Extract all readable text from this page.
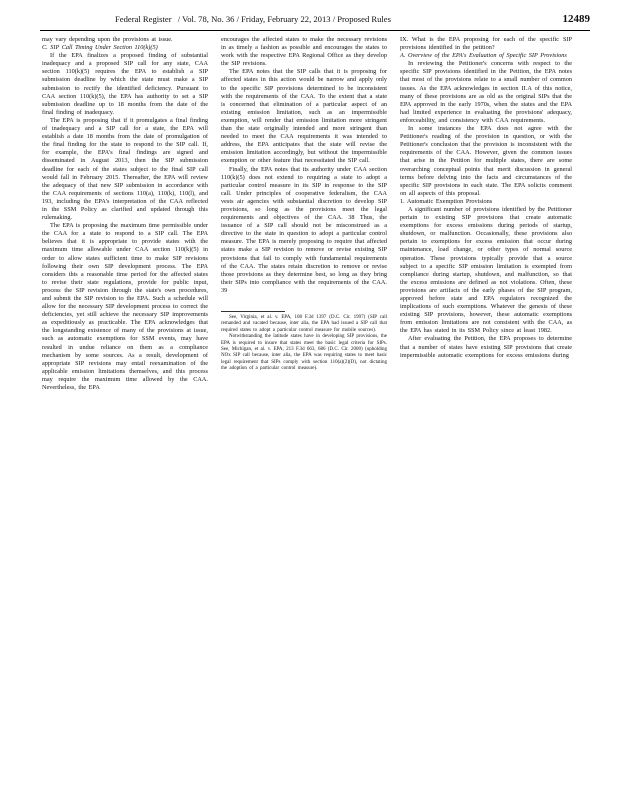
Federal Register / Vol. 78, No. 36 / Friday, February 22, 2013 / Proposed Rules	12489

may vary depending upon the provisions at issue.

C. SIP Call Timing Under Section 110(k)(5)

If the EPA finalizes a proposed finding of substantial inadequacy and a proposed SIP call for any state, CAA section 110(k)(5) requires the EPA to establish a SIP submission deadline by which the state must make a SIP submission to rectify the identified deficiency. Pursuant to CAA section 110(k)(5), the EPA has authority to set a SIP submission deadline up to 18 months from the date of the final finding of inadequacy.

The EPA is proposing that if it promulgates a final finding of inadequacy and a SIP call for a state, the EPA will establish a date 18 months from the date of promulgation of the final finding for the state to respond to the SIP call. If, for example, the EPA's final findings are signed and disseminated in August 2013, then the SIP submission deadline for each of the states subject to the final SIP call would fall in February 2015. Thereafter, the EPA will review the adequacy of that new SIP submission in accordance with the CAA requirements of sections 110(a), 110(k), 110(l), and 193, including the EPA's interpretation of the CAA reflected in the SSM Policy as clarified and updated through this rulemaking.

The EPA is proposing the maximum time permissible under the CAA for a state to respond to a SIP call. The EPA believes that it is appropriate to provide states with the maximum time allowable under CAA section 110(k)(5) in order to allow states sufficient time to make SIP revisions following their own SIP development process. The EPA considers this a reasonable time period for the affected states to revise their state regulations, provide for public input, process the SIP revision through the state's own procedures, and submit the SIP revision to the EPA. Such a schedule will allow for the necessary SIP development process to correct the deficiencies, yet still achieve the necessary SIP improvements as expeditiously as practicable. The EPA acknowledges that the longstanding existence of many of the provisions at issue, such as automatic exemptions for SSM events, may have resulted in undue reliance on them as a compliance mechanism by some sources. As a result, development of appropriate SIP revisions may entail reexamination of the applicable emission limitations themselves, and this process may require the maximum time allowed by the CAA. Nevertheless, the EPA

encourages the affected states to make the necessary revisions in as timely a fashion as possible and encourages the states to work with the respective EPA Regional Office as they develop the SIP revisions.

The EPA notes that the SIP calls that it is proposing for affected states in this action would be narrow and apply only to the specific SIP provisions determined to be inconsistent with the requirements of the CAA. To the extent that a state is concerned that elimination of a particular aspect of an existing emission limitation, such as an impermissible exemption, will render that emission limitation more stringent than the state originally intended and more stringent than needed to meet the CAA requirements it was intended to address, the EPA anticipates that the state will revise the emission limitation accordingly, but without the impermissible exemption or other feature that necessitated the SIP call.

Finally, the EPA notes that its authority under CAA section 110(k)(5) does not extend to requiring a state to adopt a particular control measure in its SIP in response to the SIP call. Under principles of cooperative federalism, the CAA vests air agencies with substantial discretion to develop SIP provisions, so long as the provisions meet the legal requirements and objectives of the CAA. 38 Thus, the issuance of a SIP call should not be misconstrued as a directive to the state in question to adopt a particular control measure. The EPA is merely proposing to require that affected states make a SIP revision to remove or revise existing SIP provisions that fail to comply with fundamental requirements of the CAA. The states retain discretion to remove or revise those provisions as they determine best, so long as they bring their SIPs into compliance with the requirements of the CAA. 39

See, Virginia, et al. v. EPA, 108 F.3d 1397 (D.C. Cir. 1997) (SIP call remanded and vacated because, inter alia, the EPA had issued a SIP call that required states to adopt a particular control measure for mobile sources).

Notwithstanding the latitude states have in developing SIP provisions, the EPA is required to insure that states meet the basic legal criteria for SIPs. See, Michigan, et al. v. EPA, 213 F.3d 663, 686 (D.C. Cir. 2000) (upholding NOx SIP call because, inter alia, the EPA was requiring states to meet basic legal requirement that SIPs comply with section 110(a)(2)(D), not dictating the adoption of a particular control measure).

IX. What is the EPA proposing for each of the specific SIP provisions identified in the petition?

A. Overview of the EPA's Evaluation of Specific SIP Provisions

In reviewing the Petitioner's concerns with respect to the specific SIP provisions identified in the Petition, the EPA notes that most of the provisions relate to a small number of common issues. As the EPA acknowledges in section II.A of this notice, many of these provisions are as old as the original SIPs that the EPA approved in the early 1970s, when the states and the EPA had limited experience in evaluating the provisions' adequacy, enforceability, and consistency with CAA requirements.

In some instances the EPA does not agree with the Petitioner's reading of the provision in question, or with the Petitioner's conclusion that the provision is inconsistent with the requirements of the CAA. However, given the common issues that arise in the Petition for multiple states, there are some overarching conceptual points that merit discussion in general terms before delving into the facts and circumstances of the specific SIP provisions in each state. The EPA solicits comment on all aspects of this proposal.

1. Automatic Exemption Provisions

A significant number of provisions identified by the Petitioner pertain to existing SIP provisions that create automatic exemptions for excess emissions during periods of startup, shutdown, or malfunction. Occasionally, these provisions also pertain to exemptions for excess emission that occur during maintenance, load change, or other types of normal source operation. These provisions typically provide that a source subject to a specific SIP emission limitation is exempted from compliance during startup, shutdown, and malfunction, so that the excess emissions are defined as not violations. Often, these provisions are artifacts of the early phases of the SIP program, approved before state and EPA regulators recognized the implications of such exemptions. Whatever the genesis of these existing SIP provisions, however, these automatic exemptions from emission limitations are not consistent with the CAA, as the EPA has stated in its SSM Policy since at least 1982.

After evaluating the Petition, the EPA proposes to determine that a number of states have existing SIP provisions that create impermissible automatic exemptions for excess emissions during
